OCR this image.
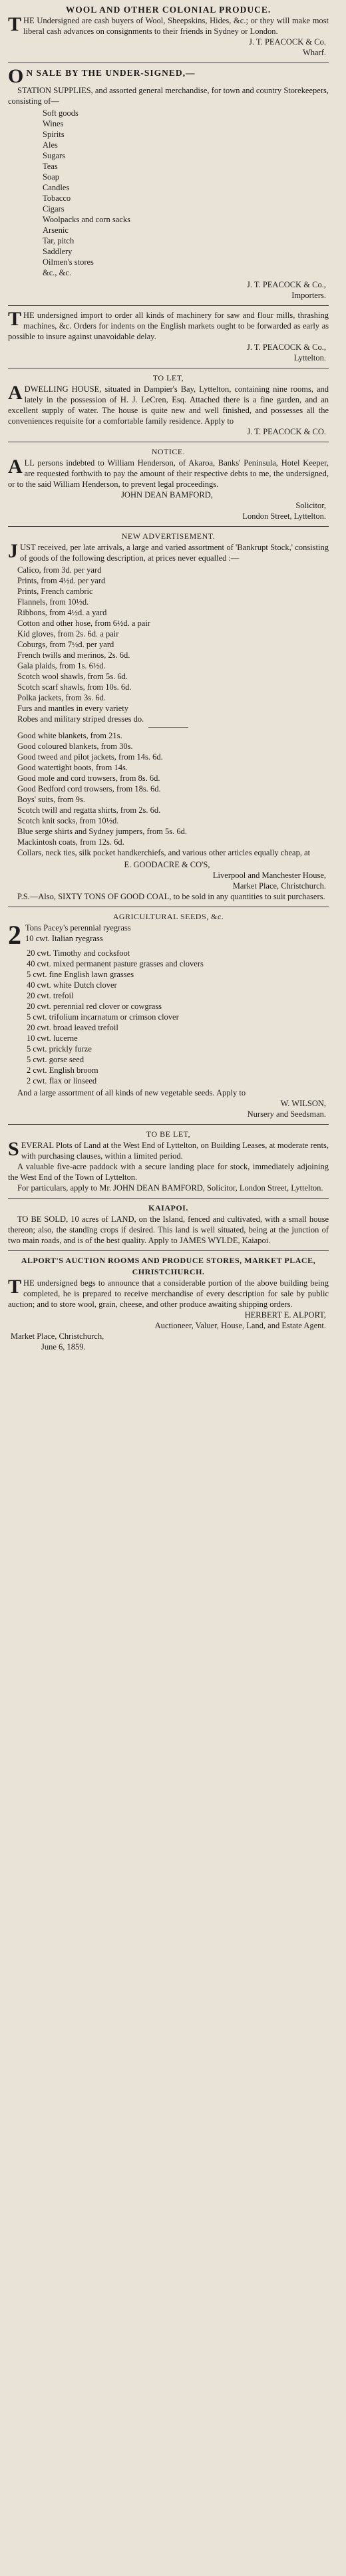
WOOL AND OTHER COLONIAL PRODUCE.

THE Undersigned are cash buyers of Wool, Sheepskins, Hides, &c.; or they will make most liberal cash advances on consignments to their friends in Sydney or London.

J. T. PEACOCK & Co.
Wharf.
O N SALE BY THE UNDER-SIGNED,—

STATION SUPPLIES, and assorted general merchandise, for town and country Storekeepers, consisting of—

Soft goods
Wines
Spirits
Ales
Sugars
Teas
Soap
Candles
Tobacco
Cigars
Woolpacks and corn sacks
Arsenic
Tar, pitch
Saddlery
Oilmen's stores
&c., &c.
J. T. PEACOCK & Co.,
Importers.

THE undersigned import to order all kinds of machinery for saw and flour mills, thrashing machines, &c. Orders for indents on the English markets ought to be forwarded as early as possible to insure against unavoidable delay.

J. T. PEACOCK & Co.,
Lyttelton.
TO LET,

ADWELLING HOUSE, situated in Dampier's Bay, Lyttelton, containing nine rooms, and lately in the possession of H. J. LeCren, Esq. Attached there is a fine garden, and an excellent supply of water. The house is quite new and well finished, and possesses all the conveniences requisite for a comfortable family residence. Apply to

J. T. PEACOCK & CO.
NOTICE.

ALL persons indebted to William Henderson, of Akaroa, Banks' Peninsula, Hotel Keeper, are requested forthwith to pay the amount of their respective debts to me, the undersigned, or to the said William Henderson, to prevent legal proceedings.

JOHN DEAN BAMFORD,
Solicitor,
London Street, Lyttelton.
NEW ADVERTISEMENT.

JUST received, per late arrivals, a large and varied assortment of 'Bankrupt Stock,' consisting of goods of the following description, at prices never equalled :—

Calico, from 3d. per yard
Prints, from 4½d. per yard
Prints, French cambric
Flannels, from 10½d.
Ribbons, from 4½d. a yard
Cotton and other hose, from 6½d. a pair
Kid gloves, from 2s. 6d. a pair
Coburgs, from 7½d. per yard
French twills and merinos, 2s. 6d.
Gala plaids, from 1s. 6½d.
Scotch wool shawls, from 5s. 6d.
Scotch scarf shawls, from 10s. 6d.
Polka jackets, from 3s. 6d.
Furs and mantles in every variety
Robes and military striped dresses do.
Good white blankets, from 21s.
Good coloured blankets, from 30s.
Good tweed and pilot jackets, from 14s. 6d.
Good watertight boots, from 14s.
Good mole and cord trowsers, from 8s. 6d.
Good Bedford cord trowsers, from 18s. 6d.
Boys' suits, from 9s.
Scotch twill and regatta shirts, from 2s. 6d.
Scotch knit socks, from 10½d.
Blue serge shirts and Sydney jumpers, from 5s. 6d.
Mackintosh coats, from 12s. 6d.
Collars, neck ties, silk pocket handkerchiefs, and various other articles equally cheap, at
E. GOODACRE & CO'S,
Liverpool and Manchester House,
Market Place, Christchurch.

P.S.—Also, SIXTY TONS OF GOOD COAL, to be sold in any quantities to suit purchasers.

AGRICULTURAL SEEDS, &c.
2 Tons Pacey's perennial ryegrass
10 cwt. Italian ryegrass
20 cwt. Timothy and cocksfoot
40 cwt. mixed permanent pasture grasses and clovers
5 cwt. fine English lawn grasses
40 cwt. white Dutch clover
20 cwt. trefoil
20 cwt. perennial red clover or cowgrass
5 cwt. trifolium incarnatum or crimson clover
20 cwt. broad leaved trefoil
10 cwt. lucerne
5 cwt. prickly furze
5 cwt. gorse seed
2 cwt. English broom
2 cwt. flax or linseed

And a large assortment of all kinds of new vegetable seeds. Apply to

W. WILSON,
Nursery and Seedsman.
TO BE LET,

SEVERAL Plots of Land at the West End of Lyttelton, on Building Leases, at moderate rents, with purchasing clauses, within a limited period.

A valuable five-acre paddock with a secure landing place for stock, immediately adjoining the West End of the Town of Lyttelton.

For particulars, apply to Mr. JOHN DEAN BAMFORD, Solicitor, London Street, Lyttelton.

KAIAPOI.

TO BE SOLD, 10 acres of LAND, on the Island, fenced and cultivated, with a small house thereon; also, the standing crops if desired. This land is well situated, being at the junction of two main roads, and is of the best quality. Apply to JAMES WYLDE, Kaiapoi.

ALPORT'S AUCTION ROOMS AND PRODUCE STORES, MARKET PLACE, CHRISTCHURCH.

THE undersigned begs to announce that a considerable portion of the above building being completed, he is prepared to receive merchandise of every description for sale by public auction; and to store wool, grain, cheese, and other produce awaiting shipping orders.

HERBERT E. ALPORT,
Auctioneer, Valuer, House, Land, and Estate Agent.
Market Place, Christchurch,
June 6, 1859.
